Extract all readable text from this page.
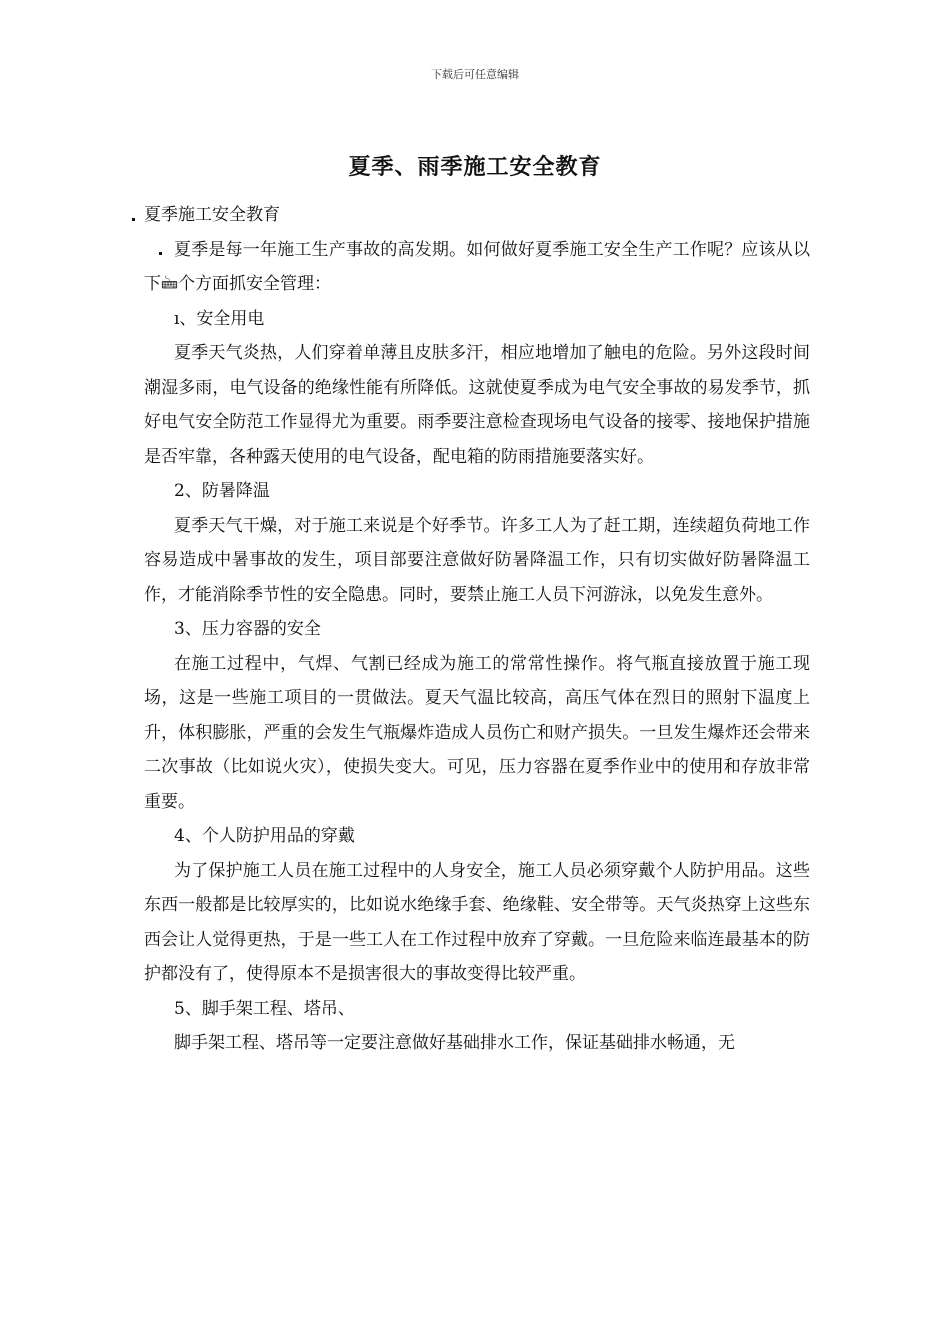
下载后可任意编辑
夏季、雨季施工安全教育

夏季施工安全教育

夏季是每一年施工生产事故的高发期。如何做好夏季施工安全生产工作呢？应该从以下🖮个方面抓安全管理：

ı、安全用电

夏季天气炎热，人们穿着单薄且皮肤多汗，相应地增加了触电的危险。另外这段时间潮湿多雨，电气设备的绝缘性能有所降低。这就使夏季成为电气安全事故的易发季节，抓好电气安全防范工作显得尤为重要。雨季要注意检查现场电气设备的接零、接地保护措施是否牢靠，各种露天使用的电气设备，配电箱的防雨措施要落实好。

2、防暑降温

夏季天气干燥，对于施工来说是个好季节。许多工人为了赶工期，连续超负荷地工作容易造成中暑事故的发生，项目部要注意做好防暑降温工作，只有切实做好防暑降温工作，才能消除季节性的安全隐患。同时，要禁止施工人员下河游泳，以免发生意外。

3、压力容器的安全

在施工过程中，气焊、气割已经成为施工的常常性操作。将气瓶直接放置于施工现场，这是一些施工项目的一贯做法。夏天气温比较高，高压气体在烈日的照射下温度上升，体积膨胀，严重的会发生气瓶爆炸造成人员伤亡和财产损失。一旦发生爆炸还会带来二次事故（比如说火灾），使损失变大。可见，压力容器在夏季作业中的使用和存放非常重要。

4、个人防护用品的穿戴

为了保护施工人员在施工过程中的人身安全，施工人员必须穿戴个人防护用品。这些东西一般都是比较厚实的，比如说水绝缘手套、绝缘鞋、安全带等。天气炎热穿上这些东西会让人觉得更热，于是一些工人在工作过程中放弃了穿戴。一旦危险来临连最基本的防护都没有了，使得原本不是损害很大的事故变得比较严重。

5、脚手架工程、塔吊、

脚手架工程、塔吊等一定要注意做好基础排水工作，保证基础排水畅通，无
